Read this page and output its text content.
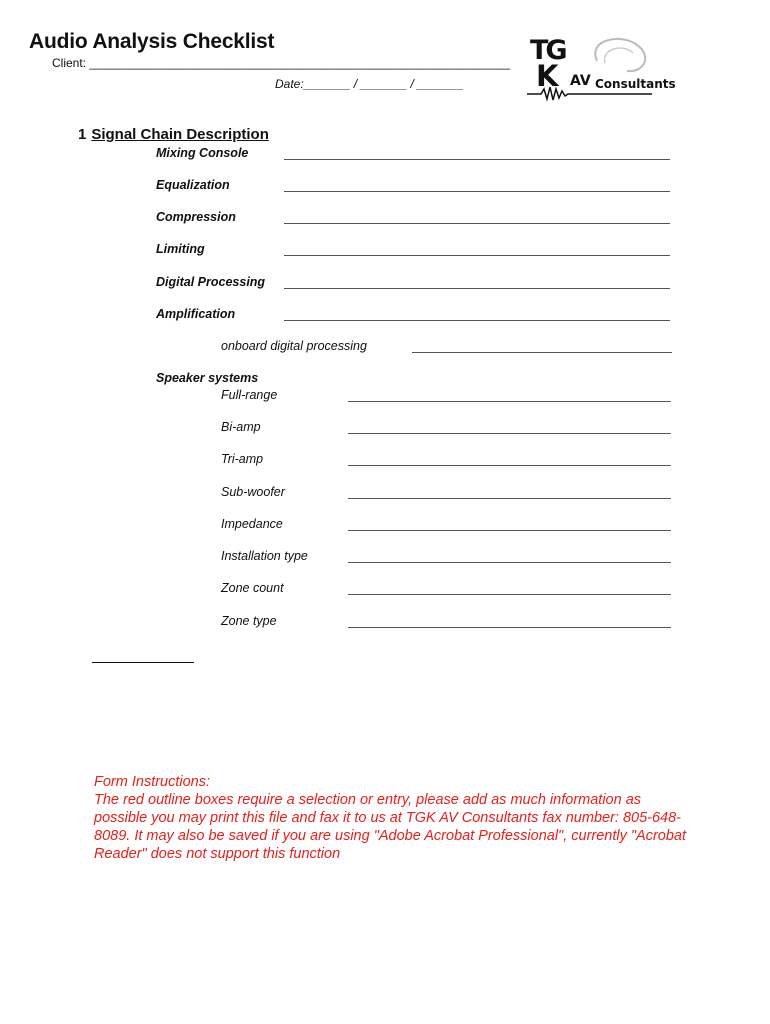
Audio Analysis Checklist
Client: _______________________________________________________________
Date:_______ / _______ / _______
TG
K AV Consultants
1 Signal Chain Description
Mixing Console
Equalization
Compression
Limiting
Digital Processing
Amplification
onboard digital processing
Speaker systems
Full-range
Bi-amp
Tri-amp
Sub-woofer
Impedance
Installation type
Zone count
Zone type

Form Instructions:

The red outline boxes require a selection or entry, please add as much information as possible you may print this file and fax it to us at TGK AV Consultants fax number: 805-648-8089. It may also be saved if you are using "Adobe Acrobat Professional", currently "Acrobat Reader" does not support this function
